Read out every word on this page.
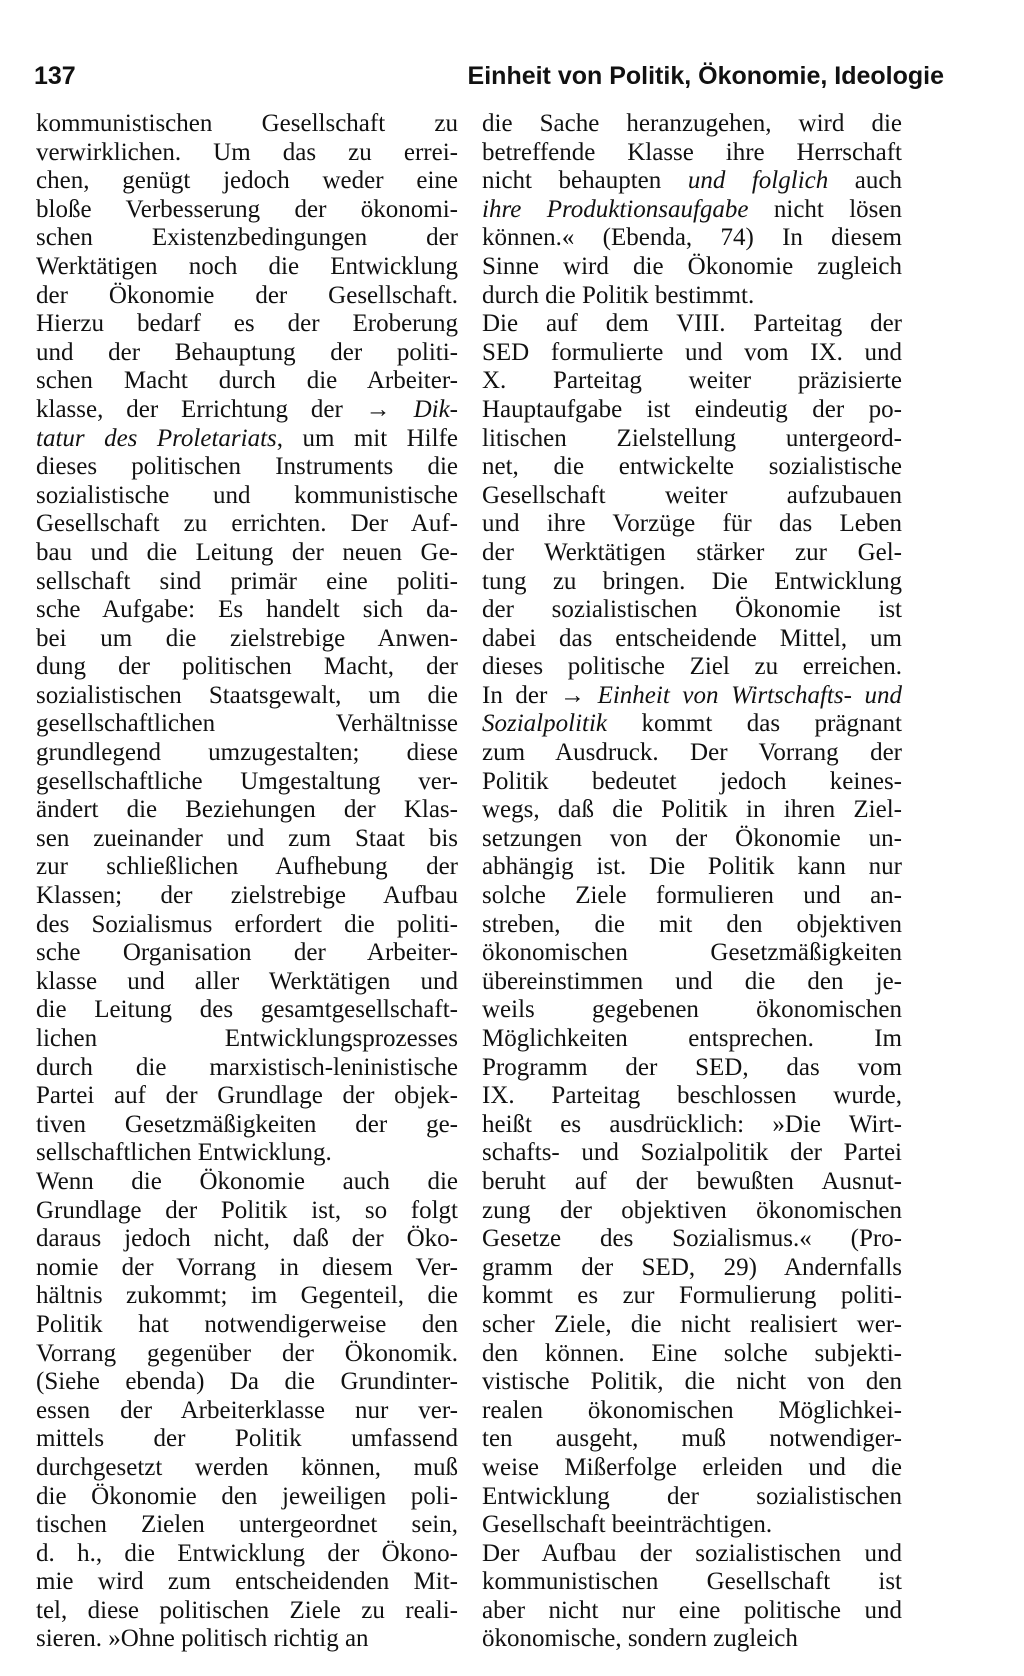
137	Einheit von Politik, Ökonomie, Ideologie
kommunistischen Gesellschaft zu
verwirklichen. Um das zu errei-
chen, genügt jedoch weder eine
bloße Verbesserung der ökonomi-
schen Existenzbedingungen der
Werktätigen noch die Entwicklung
der Ökonomie der Gesellschaft.
Hierzu bedarf es der Eroberung
und der Behauptung der politi-
schen Macht durch die Arbeiter-
klasse, der Errichtung der → Dik-
tatur des Proletariats, um mit Hilfe
dieses politischen Instruments die
sozialistische und kommunistische
Gesellschaft zu errichten. Der Auf-
bau und die Leitung der neuen Ge-
sellschaft sind primär eine politi-
sche Aufgabe: Es handelt sich da-
bei um die zielstrebige Anwen-
dung der politischen Macht, der
sozialistischen Staatsgewalt, um die
gesellschaftlichen Verhältnisse
grundlegend umzugestalten; diese
gesellschaftliche Umgestaltung ver-
ändert die Beziehungen der Klas-
sen zueinander und zum Staat bis
zur schließlichen Aufhebung der
Klassen; der zielstrebige Aufbau
des Sozialismus erfordert die politi-
sche Organisation der Arbeiter-
klasse und aller Werktätigen und
die Leitung des gesamtgesellschaft-
lichen Entwicklungsprozesses
durch die marxistisch-leninistische
Partei auf der Grundlage der objek-
tiven Gesetzmäßigkeiten der ge-
sellschaftlichen Entwicklung.
Wenn die Ökonomie auch die
Grundlage der Politik ist, so folgt
daraus jedoch nicht, daß der Öko-
nomie der Vorrang in diesem Ver-
hältnis zukommt; im Gegenteil, die
Politik hat notwendigerweise den
Vorrang gegenüber der Ökonomik.
(Siehe ebenda) Da die Grundinter-
essen der Arbeiterklasse nur ver-
mittels der Politik umfassend
durchgesetzt werden können, muß
die Ökonomie den jeweiligen poli-
tischen Zielen untergeordnet sein,
d. h., die Entwicklung der Ökono-
mie wird zum entscheidenden Mit-
tel, diese politischen Ziele zu reali-
sieren. »Ohne politisch richtig an
die Sache heranzugehen, wird die
betreffende Klasse ihre Herrschaft
nicht behaupten und folglich auch
ihre Produktionsaufgabe nicht lösen
können.« (Ebenda, 74) In diesem
Sinne wird die Ökonomie zugleich
durch die Politik bestimmt.
Die auf dem VIII. Parteitag der
SED formulierte und vom IX. und
X. Parteitag weiter präzisierte
Hauptaufgabe ist eindeutig der po-
litischen Zielstellung untergeord-
net, die entwickelte sozialistische
Gesellschaft weiter aufzubauen
und ihre Vorzüge für das Leben
der Werktätigen stärker zur Gel-
tung zu bringen. Die Entwicklung
der sozialistischen Ökonomie ist
dabei das entscheidende Mittel, um
dieses politische Ziel zu erreichen.
In der → Einheit von Wirtschafts- und
Sozialpolitik kommt das prägnant
zum Ausdruck. Der Vorrang der
Politik bedeutet jedoch keines-
wegs, daß die Politik in ihren Ziel-
setzungen von der Ökonomie un-
abhängig ist. Die Politik kann nur
solche Ziele formulieren und an-
streben, die mit den objektiven
ökonomischen Gesetzmäßigkeiten
übereinstimmen und die den je-
weils gegebenen ökonomischen
Möglichkeiten entsprechen. Im
Programm der SED, das vom
IX. Parteitag beschlossen wurde,
heißt es ausdrücklich: »Die Wirt-
schafts- und Sozialpolitik der Partei
beruht auf der bewußten Ausnut-
zung der objektiven ökonomischen
Gesetze des Sozialismus.« (Pro-
gramm der SED, 29) Andernfalls
kommt es zur Formulierung politi-
scher Ziele, die nicht realisiert wer-
den können. Eine solche subjekti-
vistische Politik, die nicht von den
realen ökonomischen Möglichkei-
ten ausgeht, muß notwendiger-
weise Mißerfolge erleiden und die
Entwicklung der sozialistischen
Gesellschaft beeinträchtigen.
Der Aufbau der sozialistischen und
kommunistischen Gesellschaft ist
aber nicht nur eine politische und
ökonomische, sondern zugleich
